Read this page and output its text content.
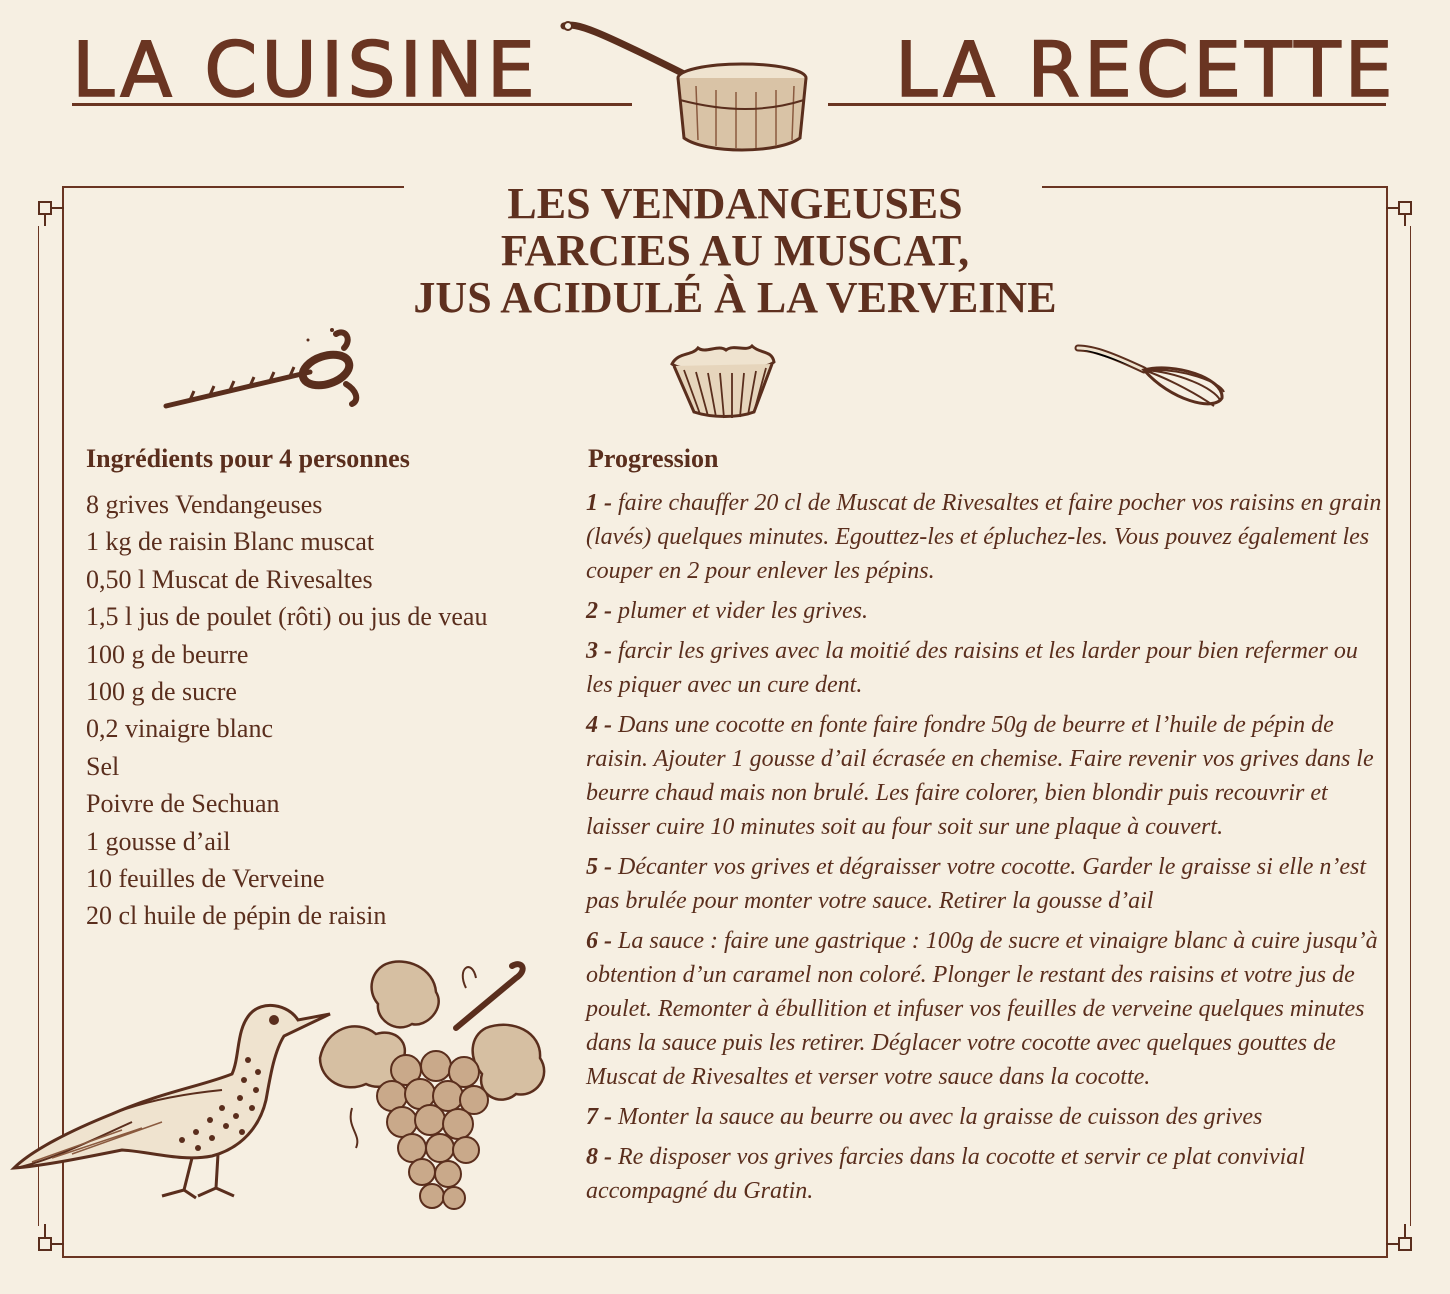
LA CUISINE	LA RECETTE
LES VENDANGEUSES
FARCIES AU MUSCAT,
JUS ACIDULÉ À LA VERVEINE
Ingrédients pour 4 personnes
8 grives Vendangeuses
1 kg de raisin Blanc muscat
0,50 l Muscat de Rivesaltes
1,5 l jus de poulet (rôti) ou jus de veau
100 g de beurre
100 g de sucre
0,2 vinaigre blanc
Sel
Poivre de Sechuan
1 gousse d’ail
10 feuilles de Verveine
20 cl huile de pépin de raisin
Progression
1 - faire chauffer 20 cl de Muscat de Rivesaltes et faire pocher vos raisins en grain (lavés) quelques minutes. Egouttez-les et épluchez-les. Vous pouvez également les couper en 2 pour enlever les pépins.
2 - plumer et vider les grives.
3 - farcir les grives avec la moitié des raisins et les larder pour bien refermer ou les piquer avec un cure dent.
4 - Dans une cocotte en fonte faire fondre 50g de beurre et l’huile de pépin de raisin. Ajouter 1 gousse d’ail écrasée en chemise. Faire revenir vos grives dans le beurre chaud mais non brulé. Les faire colorer, bien blondir puis recouvrir et laisser cuire 10 minutes soit au four soit sur une plaque à couvert.
5 - Décanter vos grives et dégraisser votre cocotte. Garder le graisse si elle n’est pas brulée pour monter votre sauce. Retirer la gousse d’ail
6 - La sauce : faire une gastrique : 100g de sucre et vinaigre blanc à cuire jusqu’à obtention d’un caramel non coloré. Plonger le restant des raisins et votre jus de poulet. Remonter à ébullition et infuser vos feuilles de verveine quelques minutes dans la sauce puis les retirer. Déglacer votre cocotte avec quelques gouttes de Muscat de Rivesaltes et verser votre sauce dans la cocotte.
7 - Monter la sauce au beurre ou avec la graisse de cuisson des grives
8 - Re disposer vos grives farcies dans la cocotte et servir ce plat convivial accompagné du Gratin.
